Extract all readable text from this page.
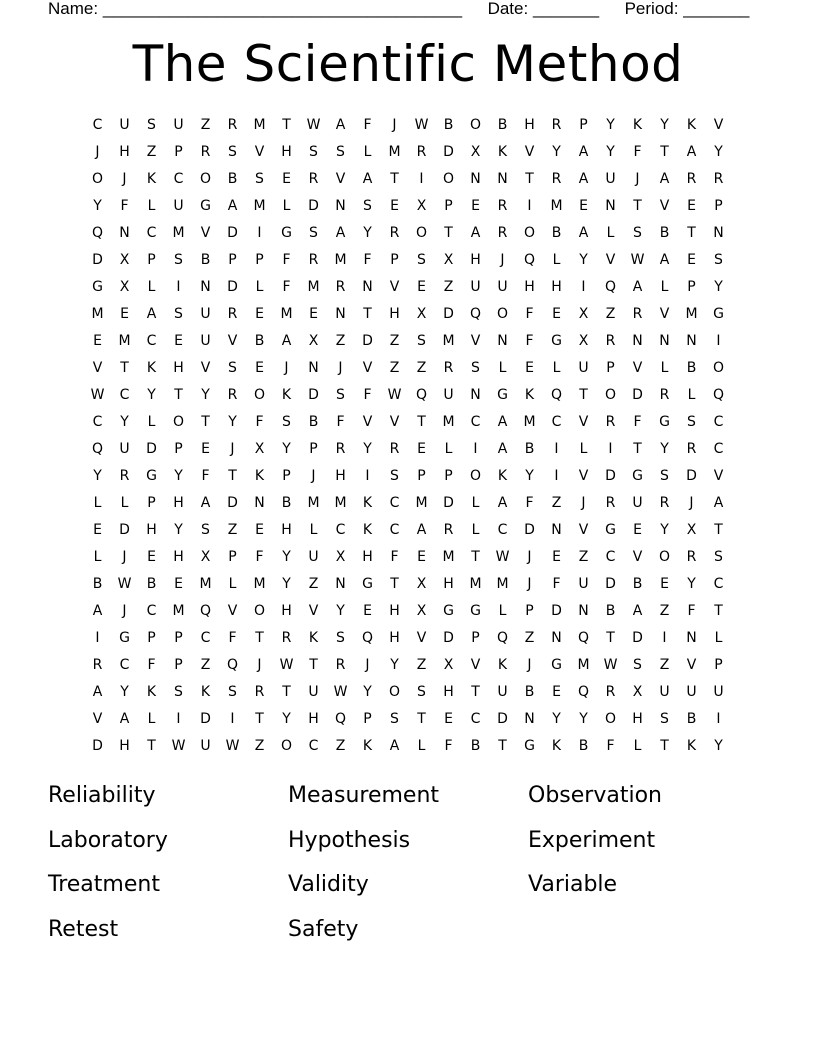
Name: ______________________________________ Date: _______ Period: _______
The Scientific Method
C	U	S	U	Z	R	M	T	W	A	F	J	W	B	O	B	H	R	P	Y	K	Y	K	V
J	H	Z	P	R	S	V	H	S	S	L	M	R	D	X	K	V	Y	A	Y	F	T	A	Y
O	J	K	C	O	B	S	E	R	V	A	T	I	O	N	N	T	R	A	U	J	A	R	R
Y	F	L	U	G	A	M	L	D	N	S	E	X	P	E	R	I	M	E	N	T	V	E	P
Q	N	C	M	V	D	I	G	S	A	Y	R	O	T	A	R	O	B	A	L	S	B	T	N
D	X	P	S	B	P	P	F	R	M	F	P	S	X	H	J	Q	L	Y	V	W	A	E	S
G	X	L	I	N	D	L	F	M	R	N	V	E	Z	U	U	H	H	I	Q	A	L	P	Y
M	E	A	S	U	R	E	M	E	N	T	H	X	D	Q	O	F	E	X	Z	R	V	M	G
E	M	C	E	U	V	B	A	X	Z	D	Z	S	M	V	N	F	G	X	R	N	N	N	I
V	T	K	H	V	S	E	J	N	J	V	Z	Z	R	S	L	E	L	U	P	V	L	B	O
W	C	Y	T	Y	R	O	K	D	S	F	W	Q	U	N	G	K	Q	T	O	D	R	L	Q
C	Y	L	O	T	Y	F	S	B	F	V	V	T	M	C	A	M	C	V	R	F	G	S	C
Q	U	D	P	E	J	X	Y	P	R	Y	R	E	L	I	A	B	I	L	I	T	Y	R	C
Y	R	G	Y	F	T	K	P	J	H	I	S	P	P	O	K	Y	I	V	D	G	S	D	V
L	L	P	H	A	D	N	B	M	M	K	C	M	D	L	A	F	Z	J	R	U	R	J	A
E	D	H	Y	S	Z	E	H	L	C	K	C	A	R	L	C	D	N	V	G	E	Y	X	T
L	J	E	H	X	P	F	Y	U	X	H	F	E	M	T	W	J	E	Z	C	V	O	R	S
B	W	B	E	M	L	M	Y	Z	N	G	T	X	H	M	M	J	F	U	D	B	E	Y	C
A	J	C	M	Q	V	O	H	V	Y	E	H	X	G	G	L	P	D	N	B	A	Z	F	T
I	G	P	P	C	F	T	R	K	S	Q	H	V	D	P	Q	Z	N	Q	T	D	I	N	L
R	C	F	P	Z	Q	J	W	T	R	J	Y	Z	X	V	K	J	G	M	W	S	Z	V	P
A	Y	K	S	K	S	R	T	U	W	Y	O	S	H	T	U	B	E	Q	R	X	U	U	U
V	A	L	I	D	I	T	Y	H	Q	P	S	T	E	C	D	N	Y	Y	O	H	S	B	I
D	H	T	W	U	W	Z	O	C	Z	K	A	L	F	B	T	G	K	B	F	L	T	K	Y
Reliability	Measurement	Observation
Laboratory	Hypothesis	Experiment
Treatment	Validity	Variable
Retest	Safety
